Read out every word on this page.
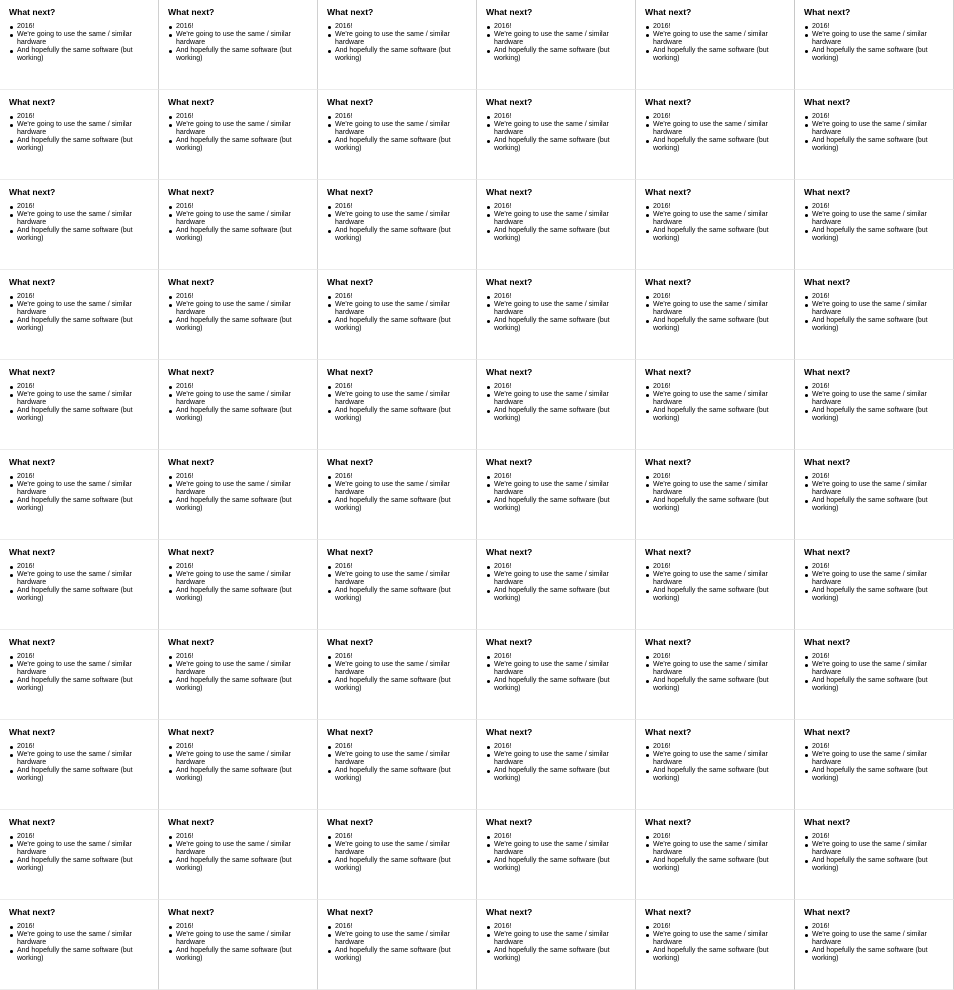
What next?
2016!
We're going to use the same / similar hardware
And hopefully the same software (but working)
What next?
2016!
We're going to use the same / similar hardware
And hopefully the same software (but working)
What next?
2016!
We're going to use the same / similar hardware
And hopefully the same software (but working)
What next?
2016!
We're going to use the same / similar hardware
And hopefully the same software (but working)
What next?
2016!
We're going to use the same / similar hardware
And hopefully the same software (but working)
What next?
2016!
We're going to use the same / similar hardware
And hopefully the same software (but working)
What next?
2016!
We're going to use the same / similar hardware
And hopefully the same software (but working)
What next?
2016!
We're going to use the same / similar hardware
And hopefully the same software (but working)
What next?
2016!
We're going to use the same / similar hardware
And hopefully the same software (but working)
What next?
2016!
We're going to use the same / similar hardware
And hopefully the same software (but working)
What next?
2016!
We're going to use the same / similar hardware
And hopefully the same software (but working)
What next?
2016!
We're going to use the same / similar hardware
And hopefully the same software (but working)
What next?
2016!
We're going to use the same / similar hardware
And hopefully the same software (but working)
What next?
2016!
We're going to use the same / similar hardware
And hopefully the same software (but working)
What next?
2016!
We're going to use the same / similar hardware
And hopefully the same software (but working)
What next?
2016!
We're going to use the same / similar hardware
And hopefully the same software (but working)
What next?
2016!
We're going to use the same / similar hardware
And hopefully the same software (but working)
What next?
2016!
We're going to use the same / similar hardware
And hopefully the same software (but working)
What next?
2016!
We're going to use the same / similar hardware
And hopefully the same software (but working)
What next?
2016!
We're going to use the same / similar hardware
And hopefully the same software (but working)
What next?
2016!
We're going to use the same / similar hardware
And hopefully the same software (but working)
What next?
2016!
We're going to use the same / similar hardware
And hopefully the same software (but working)
What next?
2016!
We're going to use the same / similar hardware
And hopefully the same software (but working)
What next?
2016!
We're going to use the same / similar hardware
And hopefully the same software (but working)
What next?
2016!
We're going to use the same / similar hardware
And hopefully the same software (but working)
What next?
2016!
We're going to use the same / similar hardware
And hopefully the same software (but working)
What next?
2016!
We're going to use the same / similar hardware
And hopefully the same software (but working)
What next?
2016!
We're going to use the same / similar hardware
And hopefully the same software (but working)
What next?
2016!
We're going to use the same / similar hardware
And hopefully the same software (but working)
What next?
2016!
We're going to use the same / similar hardware
And hopefully the same software (but working)
What next?
2016!
We're going to use the same / similar hardware
And hopefully the same software (but working)
What next?
2016!
We're going to use the same / similar hardware
And hopefully the same software (but working)
What next?
2016!
We're going to use the same / similar hardware
And hopefully the same software (but working)
What next?
2016!
We're going to use the same / similar hardware
And hopefully the same software (but working)
What next?
2016!
We're going to use the same / similar hardware
And hopefully the same software (but working)
What next?
2016!
We're going to use the same / similar hardware
And hopefully the same software (but working)
What next?
2016!
We're going to use the same / similar hardware
And hopefully the same software (but working)
What next?
2016!
We're going to use the same / similar hardware
And hopefully the same software (but working)
What next?
2016!
We're going to use the same / similar hardware
And hopefully the same software (but working)
What next?
2016!
We're going to use the same / similar hardware
And hopefully the same software (but working)
What next?
2016!
We're going to use the same / similar hardware
And hopefully the same software (but working)
What next?
2016!
We're going to use the same / similar hardware
And hopefully the same software (but working)
What next?
2016!
We're going to use the same / similar hardware
And hopefully the same software (but working)
What next?
2016!
We're going to use the same / similar hardware
And hopefully the same software (but working)
What next?
2016!
We're going to use the same / similar hardware
And hopefully the same software (but working)
What next?
2016!
We're going to use the same / similar hardware
And hopefully the same software (but working)
What next?
2016!
We're going to use the same / similar hardware
And hopefully the same software (but working)
What next?
2016!
We're going to use the same / similar hardware
And hopefully the same software (but working)
What next?
2016!
We're going to use the same / similar hardware
And hopefully the same software (but working)
What next?
2016!
We're going to use the same / similar hardware
And hopefully the same software (but working)
What next?
2016!
We're going to use the same / similar hardware
And hopefully the same software (but working)
What next?
2016!
We're going to use the same / similar hardware
And hopefully the same software (but working)
What next?
2016!
We're going to use the same / similar hardware
And hopefully the same software (but working)
What next?
2016!
We're going to use the same / similar hardware
And hopefully the same software (but working)
What next?
2016!
We're going to use the same / similar hardware
And hopefully the same software (but working)
What next?
2016!
We're going to use the same / similar hardware
And hopefully the same software (but working)
What next?
2016!
We're going to use the same / similar hardware
And hopefully the same software (but working)
What next?
2016!
We're going to use the same / similar hardware
And hopefully the same software (but working)
What next?
2016!
We're going to use the same / similar hardware
And hopefully the same software (but working)
What next?
2016!
We're going to use the same / similar hardware
And hopefully the same software (but working)
What next?
2016!
We're going to use the same / similar hardware
And hopefully the same software (but working)
What next?
2016!
We're going to use the same / similar hardware
And hopefully the same software (but working)
What next?
2016!
We're going to use the same / similar hardware
And hopefully the same software (but working)
What next?
2016!
We're going to use the same / similar hardware
And hopefully the same software (but working)
What next?
2016!
We're going to use the same / similar hardware
And hopefully the same software (but working)
What next?
2016!
We're going to use the same / similar hardware
And hopefully the same software (but working)
